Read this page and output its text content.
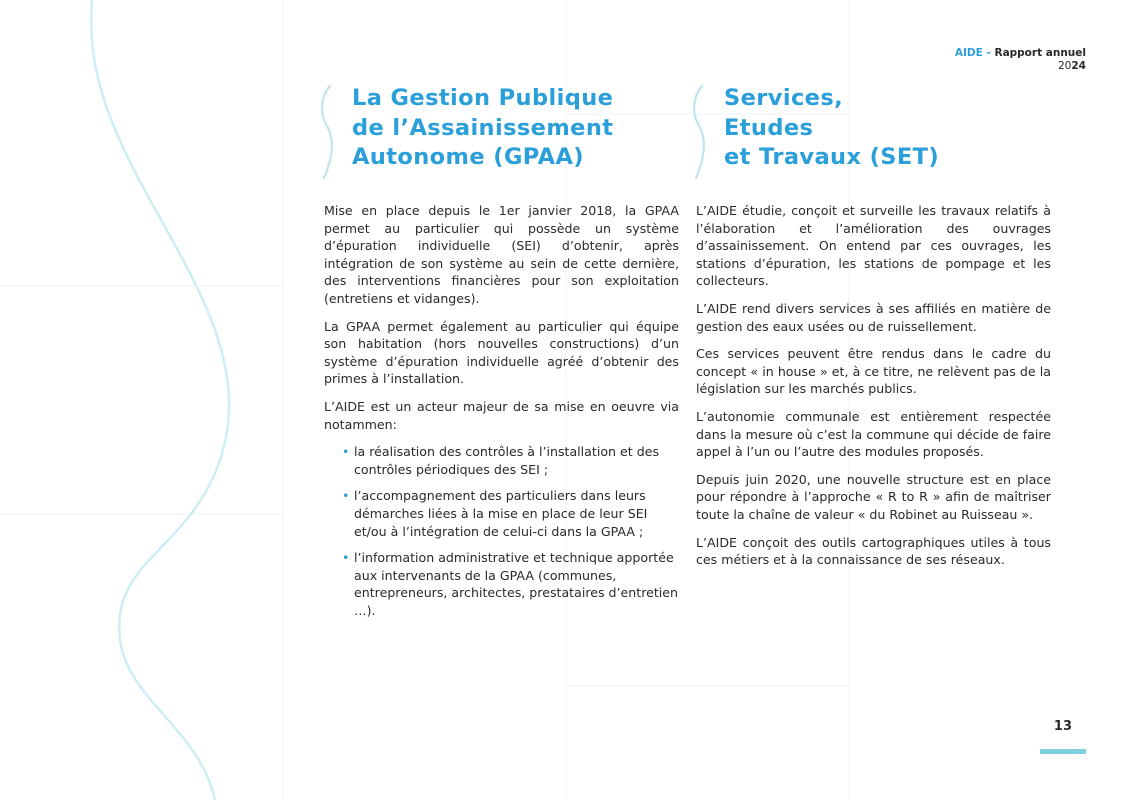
AIDE - Rapport annuel
2024
La Gestion Publique
de l’Assainissement
Autonome (GPAA)

Mise en place depuis le 1er janvier 2018, la GPAA permet au particulier qui possède un système d’épuration individuelle (SEI) d’obtenir, après intégration de son système au sein de cette dernière, des interventions financières pour son exploitation (entretiens et vidanges).

La GPAA permet également au particulier qui équipe son habitation (hors nouvelles constructions) d’un système d’épuration individuelle agréé d’obtenir des primes à l’installation.

L’AIDE est un acteur majeur de sa mise en oeuvre via notammen:

• la réalisation des contrôles à l’installation et des contrôles périodiques des SEI ;
• l’accompagnement des particuliers dans leurs démarches liées à la mise en place de leur SEI et/ou à l’intégration de celui-ci dans la GPAA ;
• l’information administrative et technique apportée aux intervenants de la GPAA (communes, entrepreneurs, architectes, prestataires d’entretien …).
Services,
Etudes
et Travaux (SET)

L’AIDE étudie, conçoit et surveille les travaux relatifs à l’élaboration et l’amélioration des ouvrages d’assainissement. On entend par ces ouvrages, les stations d’épuration, les stations de pompage et les collecteurs.

L’AIDE rend divers services à ses affiliés en matière de gestion des eaux usées ou de ruissellement.

Ces services peuvent être rendus dans le cadre du concept « in house » et, à ce titre, ne relèvent pas de la législation sur les marchés publics.

L’autonomie communale est entièrement respectée dans la mesure où c’est la commune qui décide de faire appel à l’un ou l’autre des modules proposés.

Depuis juin 2020, une nouvelle structure est en place pour répondre à l’approche « R to R » afin de maîtriser toute la chaîne de valeur « du Robinet au Ruisseau ».

L’AIDE conçoit des outils cartographiques utiles à tous ces métiers et à la connaissance de ses réseaux.

13
